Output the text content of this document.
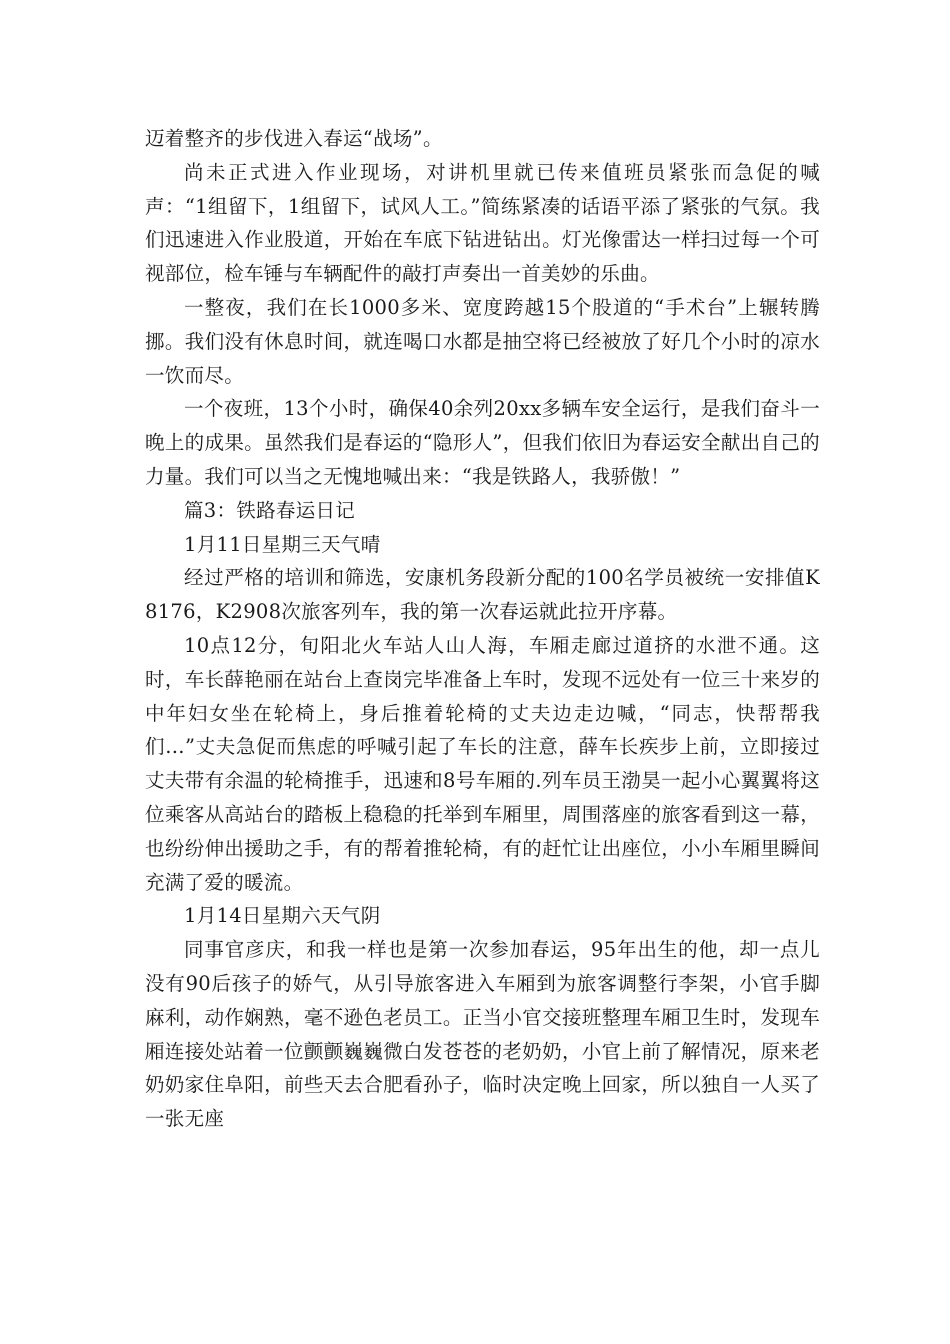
迈着整齐的步伐进入春运“战场”。

尚未正式进入作业现场，对讲机里就已传来值班员紧张而急促的喊声：“1组留下，1组留下，试风人工。”简练紧凑的话语平添了紧张的气氛。我们迅速进入作业股道，开始在车底下钻进钻出。灯光像雷达一样扫过每一个可视部位，检车锤与车辆配件的敲打声奏出一首美妙的乐曲。

一整夜，我们在长1000多米、宽度跨越15个股道的“手术台”上辗转腾挪。我们没有休息时间，就连喝口水都是抽空将已经被放了好几个小时的凉水一饮而尽。

一个夜班，13个小时，确保40余列20xx多辆车安全运行，是我们奋斗一晚上的成果。虽然我们是春运的“隐形人”，但我们依旧为春运安全献出自己的力量。我们可以当之无愧地喊出来：“我是铁路人，我骄傲！”

篇3：铁路春运日记

1月11日星期三天气晴

经过严格的培训和筛选，安康机务段新分配的100名学员被统一安排值K8176，K2908次旅客列车，我的第一次春运就此拉开序幕。

10点12分，旬阳北火车站人山人海，车厢走廊过道挤的水泄不通。这时，车长薛艳丽在站台上查岗完毕准备上车时，发现不远处有一位三十来岁的中年妇女坐在轮椅上，身后推着轮椅的丈夫边走边喊，“同志，快帮帮我们…”丈夫急促而焦虑的呼喊引起了车长的注意，薛车长疾步上前，立即接过丈夫带有余温的轮椅推手，迅速和8号车厢的.列车员王渤昊一起小心翼翼将这位乘客从高站台的踏板上稳稳的托举到车厢里，周围落座的旅客看到这一幕，也纷纷伸出援助之手，有的帮着推轮椅，有的赶忙让出座位，小小车厢里瞬间充满了爱的暖流。

1月14日星期六天气阴

同事官彦庆，和我一样也是第一次参加春运，95年出生的他，却一点儿没有90后孩子的娇气，从引导旅客进入车厢到为旅客调整行李架，小官手脚麻利，动作娴熟，毫不逊色老员工。正当小官交接班整理车厢卫生时，发现车厢连接处站着一位颤颤巍巍微白发苍苍的老奶奶，小官上前了解情况，原来老奶奶家住阜阳，前些天去合肥看孙子，临时决定晚上回家，所以独自一人买了一张无座
